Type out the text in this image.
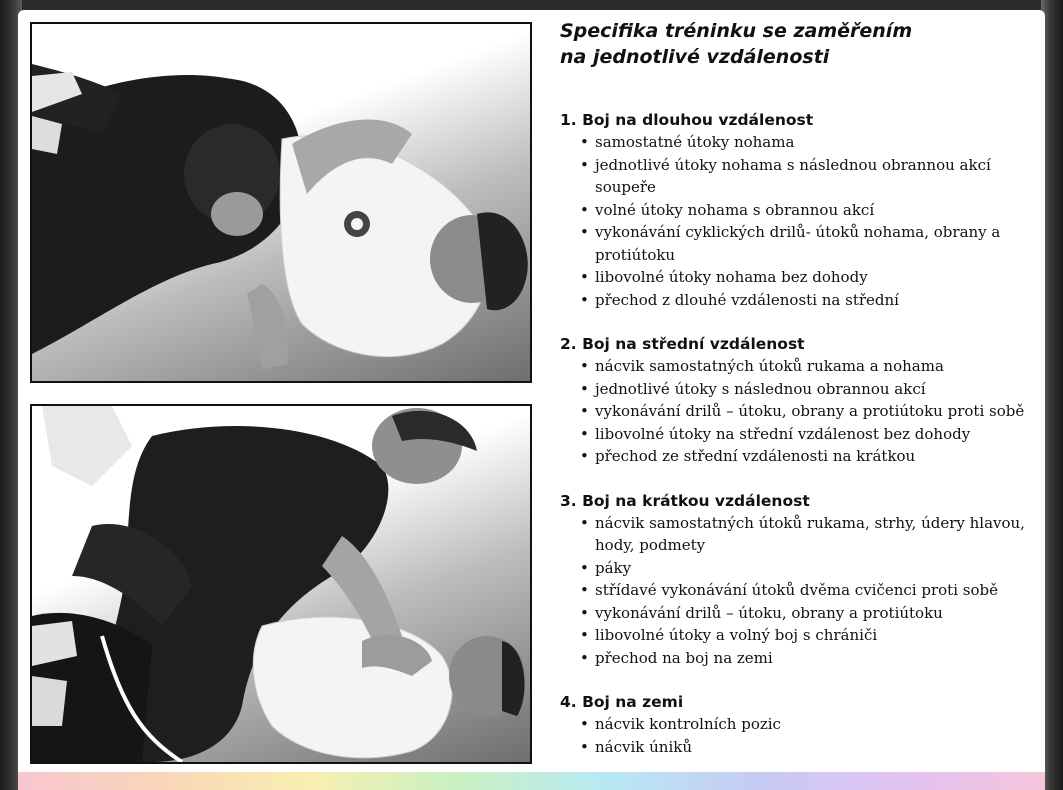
Specifika tréninku se zaměřením
na jednotlivé vzdálenosti
1. Boj na dlouhou vzdálenost
• samostatné útoky nohama
• jednotlivé útoky nohama s následnou obrannou akcí soupeře
• volné útoky nohama s obrannou akcí
• vykonávání cyklických drilů- útoků nohama, obrany a protiútoku
• libovolné útoky nohama bez dohody
• přechod z dlouhé vzdálenosti na střední
2. Boj na střední vzdálenost
• nácvik samostatných útoků rukama a nohama
• jednotlivé útoky s následnou obrannou akcí
• vykonávání drilů – útoku, obrany a protiútoku proti sobě
• libovolné útoky na střední vzdálenost bez dohody
• přechod ze střední vzdálenosti na krátkou
3. Boj na krátkou vzdálenost
• nácvik samostatných útoků rukama, strhy, údery hlavou, hody, podmety
• páky
• střídavé vykonávání útoků dvěma cvičenci proti sobě
• vykonávání drilů – útoku, obrany a protiútoku
• libovolné útoky a volný boj s chrániči
• přechod na boj na zemi
4. Boj na zemi
• nácvik kontrolních pozic
• nácvik úniků
